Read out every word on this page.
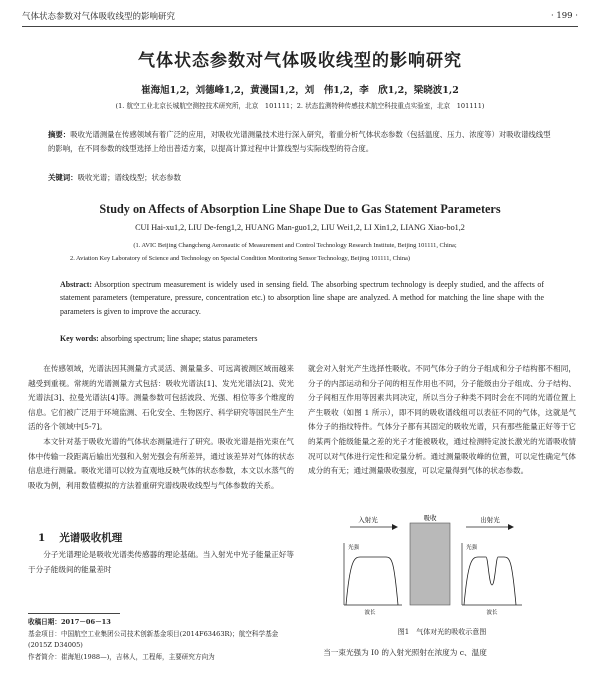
气体状态参数对气体吸收线型的影响研究	· 199 ·
气体状态参数对气体吸收线型的影响研究
崔海旭1,2，刘德峰1,2，黄漫国1,2，刘　伟1,2，李　欣1,2，梁晓波1,2
(1. 航空工业北京长城航空测控技术研究所，北京　101111；2. 状态监测特种传感技术航空科技重点实验室，北京　101111)
摘要：吸收光谱测量在传感领域有着广泛的应用，对吸收光谱测量技术进行深入研究，着重分析气体状态参数（包括温度、压力、浓度等）对吸收谱线线型的影响，在不同参数的线型选择上给出普适方案，以提高计算过程中计算线型与实际线型的符合度。
关键词：吸收光谱；谱线线型；状态参数
Study on Affects of Absorption Line Shape Due to Gas Statement Parameters
CUI Hai-xu1,2, LIU De-feng1,2, HUANG Man-guo1,2, LIU Wei1,2, LI Xin1,2, LIANG Xiao-bo1,2
(1. AVIC Beijing Changcheng Aeronautic of Measurement and Control Technology Research Institute, Beijing 101111, China;
2. Aviation Key Laboratory of Science and Technology on Special Condition Monitoring Sensor Technology, Beijing 101111, China)
Abstract: Absorption spectrum measurement is widely used in sensing field. The absorbing spectrum technology is deeply studied, and the affects of statement parameters (temperature, pressure, concentration etc.) to absorption line shape are analyzed. A method for matching the line shape with the parameters is given to improve the accuracy.
Key words: absorbing spectrum; line shape; status parameters

在传感领域，光谱法因其测量方式灵活、测量量多、可远离被测区域而越来越受到重视。常规的光谱测量方式包括：吸收光谱法[1]、发光光谱法[2]、荧光光谱法[3]、拉曼光谱法[4]等。测量参数可包括波段、光强、相位等多个维度的信息。它们被广泛用于环境监测、石化安全、生物医疗、科学研究等国民生产生活的各个领域中[5-7]。

本文针对基于吸收光谱的气体状态测量进行了研究。吸收光谱是指光束在气体中传输一段距离后输出光强和入射光强会有所差异，通过该差异对气体的状态信息进行测量。吸收光谱可以较为直观地反映气体的状态参数，本文以水蒸气的吸收为例，利用数值模拟的方法着重研究谱线吸收线型与气体参数的关系。

1 光谱吸收机理

分子光谱理论是吸收光谱类传感器的理论基础。当入射光中光子能量正好等于分子能级间的能量差时

收稿日期：2017－06－13
基金项目：中国航空工业集团公司技术创新基金项目(2014F63463R)；航空科学基金(2015Z D34005)
作者简介：崔海旭(1988—)，吉林人，工程师，主要研究方向为

就会对入射光产生选择性吸收。不同气体分子的分子组成和分子结构都不相同，分子的内部运动和分子间的相互作用也不同，分子能级由分子组成、分子结构、分子间相互作用等因素共同决定，所以当分子种类不同时会在不同的光谱位置上产生吸收（如图 1 所示），即不同的吸收谱线组可以表征不同的气体，这就是气体分子的指纹特件。气体分子都有其固定的吸收光谱，只有那些能量正好等于它的某两个能级能量之差的光子才能被吸收，通过检测特定波长激光的光谱吸收情况可以对气体进行定性和定量分析。通过测量吸收峰的位置，可以定性确定气体成分的有无；通过测量吸收强度，可以定量得到气体的状态参数。

入射光	吸收	出射光
光强
波长
光强
波长
图1　气体对光的吸收示意图

当一束光强为 I0 的入射光照射在浓度为 c、温度
